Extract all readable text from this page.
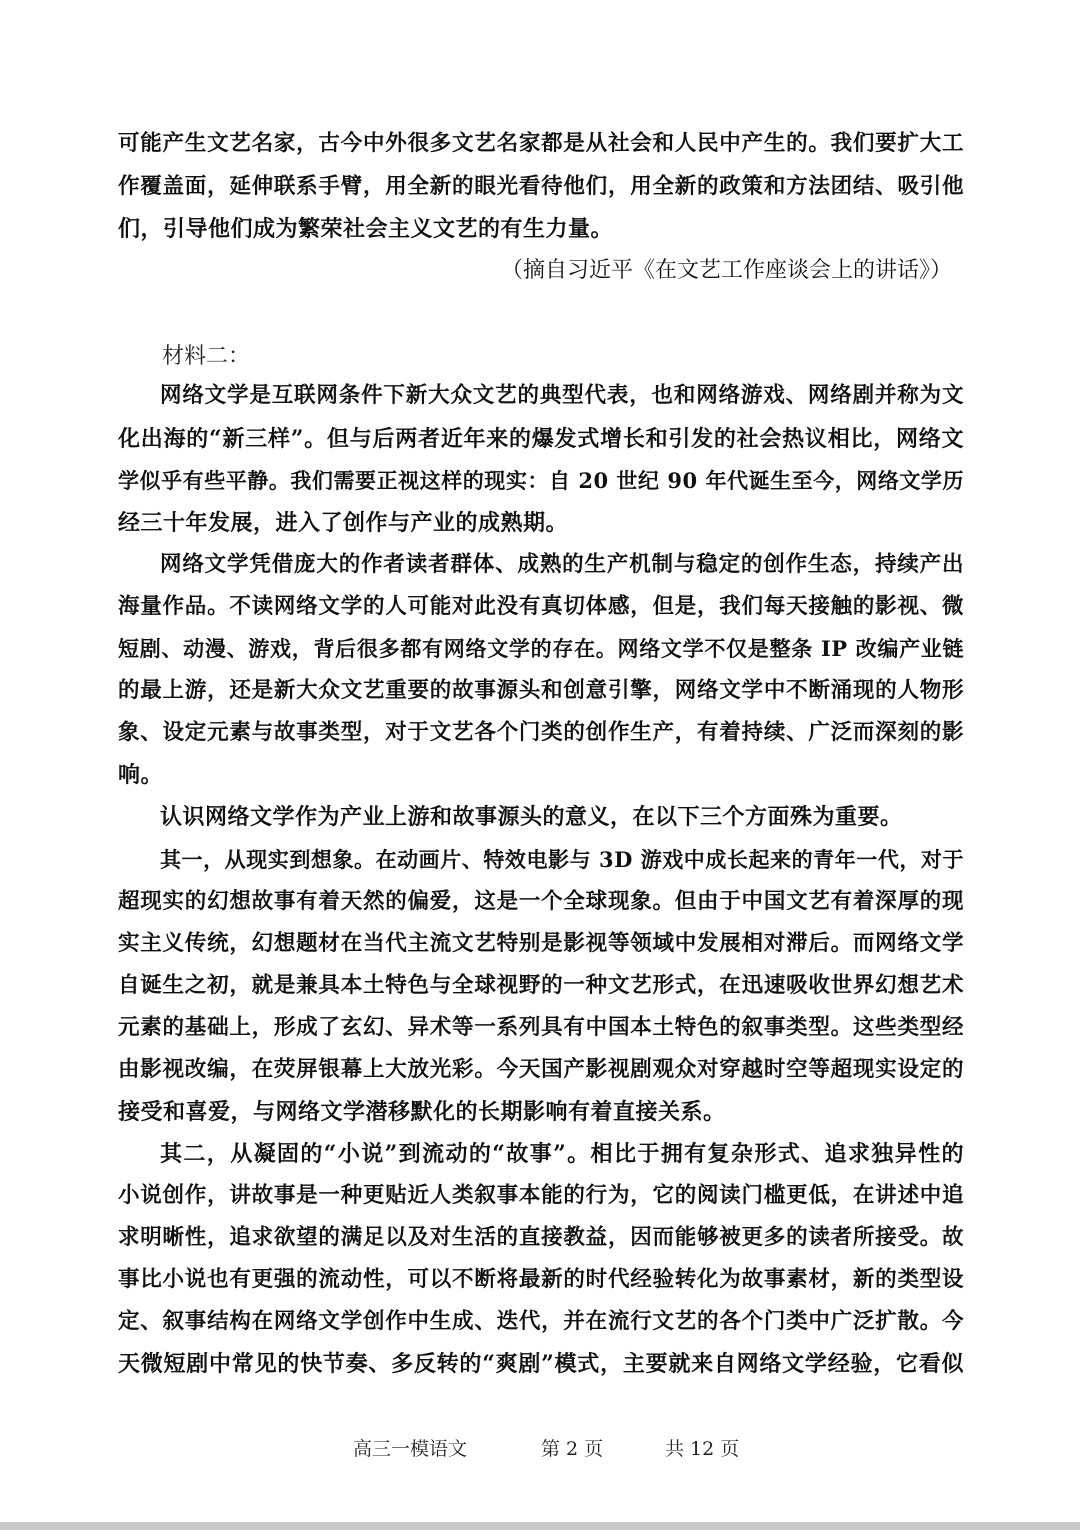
可能产生文艺名家，古今中外很多文艺名家都是从社会和人民中产生的。我们要扩大工
作覆盖面，延伸联系手臂，用全新的眼光看待他们，用全新的政策和方法团结、吸引他
们，引导他们成为繁荣社会主义文艺的有生力量。
（摘自习近平《在文艺工作座谈会上的讲话》）
材料二：
网络文学是互联网条件下新大众文艺的典型代表，也和网络游戏、网络剧并称为文
化出海的“新三样”。但与后两者近年来的爆发式增长和引发的社会热议相比，网络文
学似乎有些平静。我们需要正视这样的现实：自 20 世纪 90 年代诞生至今，网络文学历
经三十年发展，进入了创作与产业的成熟期。
网络文学凭借庞大的作者读者群体、成熟的生产机制与稳定的创作生态，持续产出
海量作品。不读网络文学的人可能对此没有真切体感，但是，我们每天接触的影视、微
短剧、动漫、游戏，背后很多都有网络文学的存在。网络文学不仅是整条 IP 改编产业链
的最上游，还是新大众文艺重要的故事源头和创意引擎，网络文学中不断涌现的人物形
象、设定元素与故事类型，对于文艺各个门类的创作生产，有着持续、广泛而深刻的影
响。
认识网络文学作为产业上游和故事源头的意义，在以下三个方面殊为重要。
其一，从现实到想象。在动画片、特效电影与 3D 游戏中成长起来的青年一代，对于
超现实的幻想故事有着天然的偏爱，这是一个全球现象。但由于中国文艺有着深厚的现
实主义传统，幻想题材在当代主流文艺特别是影视等领域中发展相对滞后。而网络文学
自诞生之初，就是兼具本土特色与全球视野的一种文艺形式，在迅速吸收世界幻想艺术
元素的基础上，形成了玄幻、异术等一系列具有中国本土特色的叙事类型。这些类型经
由影视改编，在荧屏银幕上大放光彩。今天国产影视剧观众对穿越时空等超现实设定的
接受和喜爱，与网络文学潜移默化的长期影响有着直接关系。
其二，从凝固的“小说”到流动的“故事”。相比于拥有复杂形式、追求独异性的
小说创作，讲故事是一种更贴近人类叙事本能的行为，它的阅读门槛更低，在讲述中追
求明晰性，追求欲望的满足以及对生活的直接教益，因而能够被更多的读者所接受。故
事比小说也有更强的流动性，可以不断将最新的时代经验转化为故事素材，新的类型设
定、叙事结构在网络文学创作中生成、迭代，并在流行文艺的各个门类中广泛扩散。今
天微短剧中常见的快节奏、多反转的“爽剧”模式，主要就来自网络文学经验，它看似
高三一模语文	第 2 页	共 12 页
